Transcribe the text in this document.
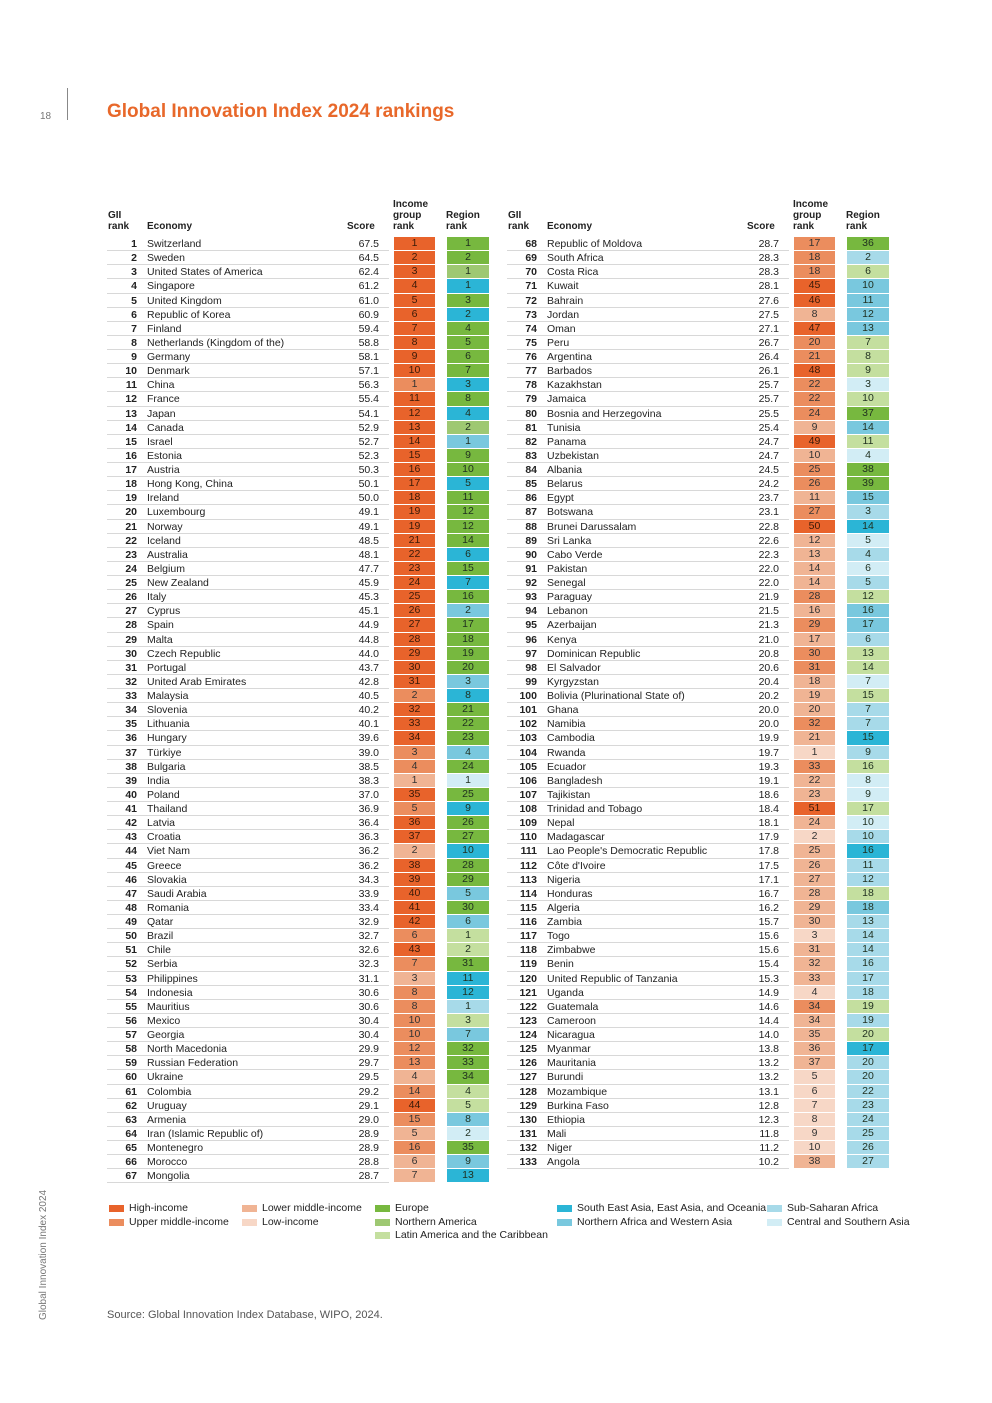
18	Global Innovation Index 2024 rankings
Global Innovation Index 2024
GII rank	Economy	Score
Income group rank
Region rank
1 Switzerland	67.5	1	1
2 Sweden	64.5	2	2
3 United States of America	62.4	3	1
4 Singapore	61.2	4	1
5 United Kingdom	61.0	5	3
6 Republic of Korea	60.9	6	2
7 Finland	59.4	7	4
8 Netherlands (Kingdom of the)	58.8	8	5
9 Germany	58.1	9	6
10 Denmark	57.1	10	7
11 China	56.3	1	3
12 France	55.4	11	8
13 Japan	54.1	12	4
14 Canada	52.9	13	2
15 Israel	52.7	14	1
16 Estonia	52.3	15	9
17 Austria	50.3	16	10
18 Hong Kong, China	50.1	17	5
19 Ireland	50.0	18	11
20 Luxembourg	49.1	19	12
21 Norway	49.1	19	12
22 Iceland	48.5	21	14
23 Australia	48.1	22	6
24 Belgium	47.7	23	15
25 New Zealand	45.9	24	7
26 Italy	45.3	25	16
27 Cyprus	45.1	26	2
28 Spain	44.9	27	17
29 Malta	44.8	28	18
30 Czech Republic	44.0	29	19
31 Portugal	43.7	30	20
32 United Arab Emirates	42.8	31	3
33 Malaysia	40.5	2	8
34 Slovenia	40.2	32	21
35 Lithuania	40.1	33	22
36 Hungary	39.6	34	23
37 Türkiye	39.0	3	4
38 Bulgaria	38.5	4	24
39 India	38.3	1	1
40 Poland	37.0	35	25
41 Thailand	36.9	5	9
42 Latvia	36.4	36	26
43 Croatia	36.3	37	27
44 Viet Nam	36.2	2	10
45 Greece	36.2	38	28
46 Slovakia	34.3	39	29
47 Saudi Arabia	33.9	40	5
48 Romania	33.4	41	30
49 Qatar	32.9	42	6
50 Brazil	32.7	6	1
51 Chile	32.6	43	2
52 Serbia	32.3	7	31
53 Philippines	31.1	3	11
54 Indonesia	30.6	8	12
55 Mauritius	30.6	8	1
56 Mexico	30.4	10	3
57 Georgia	30.4	10	7
58 North Macedonia	29.9	12	32
59 Russian Federation	29.7	13	33
60 Ukraine	29.5	4	34
61 Colombia	29.2	14	4
62 Uruguay	29.1	44	5
63 Armenia	29.0	15	8
64 Iran (Islamic Republic of)	28.9	5	2
65 Montenegro	28.9	16	35
66 Morocco	28.8	6	9
67 Mongolia	28.7	7	13
GII rank	Economy	Score
Income group rank
Region rank
68 Republic of Moldova	28.7	17	36
69 South Africa	28.3	18	2
70 Costa Rica	28.3	18	6
71 Kuwait	28.1	45	10
72 Bahrain	27.6	46	11
73 Jordan	27.5	8	12
74 Oman	27.1	47	13
75 Peru	26.7	20	7
76 Argentina	26.4	21	8
77 Barbados	26.1	48	9
78 Kazakhstan	25.7	22	3
79 Jamaica	25.7	22	10
80 Bosnia and Herzegovina	25.5	24	37
81 Tunisia	25.4	9	14
82 Panama	24.7	49	11
83 Uzbekistan	24.7	10	4
84 Albania	24.5	25	38
85 Belarus	24.2	26	39
86 Egypt	23.7	11	15
87 Botswana	23.1	27	3
88 Brunei Darussalam	22.8	50	14
89 Sri Lanka	22.6	12	5
90 Cabo Verde	22.3	13	4
91 Pakistan	22.0	14	6
92 Senegal	22.0	14	5
93 Paraguay	21.9	28	12
94 Lebanon	21.5	16	16
95 Azerbaijan	21.3	29	17
96 Kenya	21.0	17	6
97 Dominican Republic	20.8	30	13
98 El Salvador	20.6	31	14
99 Kyrgyzstan	20.4	18	7
100 Bolivia (Plurinational State of)	20.2	19	15
101 Ghana	20.0	20	7
102 Namibia	20.0	32	7
103 Cambodia	19.9	21	15
104 Rwanda	19.7	1	9
105 Ecuador	19.3	33	16
106 Bangladesh	19.1	22	8
107 Tajikistan	18.6	23	9
108 Trinidad and Tobago	18.4	51	17
109 Nepal	18.1	24	10
110 Madagascar	17.9	2	10
111 Lao People's Democratic Republic	17.8	25	16
112 Côte d'Ivoire	17.5	26	11
113 Nigeria	17.1	27	12
114 Honduras	16.7	28	18
115 Algeria	16.2	29	18
116 Zambia	15.7	30	13
117 Togo	15.6	3	14
118 Zimbabwe	15.6	31	14
119 Benin	15.4	32	16
120 United Republic of Tanzania	15.3	33	17
121 Uganda	14.9	4	18
122 Guatemala	14.6	34	19
123 Cameroon	14.4	34	19
124 Nicaragua	14.0	35	20
125 Myanmar	13.8	36	17
126 Mauritania	13.2	37	20
127 Burundi	13.2	5	20
128 Mozambique	13.1	6	22
129 Burkina Faso	12.8	7	23
130 Ethiopia	12.3	8	24
131 Mali	11.8	9	25
132 Niger	11.2	10	26
133 Angola	10.2	38	27
High-income
Upper middle-income
Lower middle-income
Low-income
Europe
Northern America
Latin America and the Caribbean
South East Asia, East Asia, and Oceania
Northern Africa and Western Asia
Sub-Saharan Africa
Central and Southern Asia
Source: Global Innovation Index Database, WIPO, 2024.
